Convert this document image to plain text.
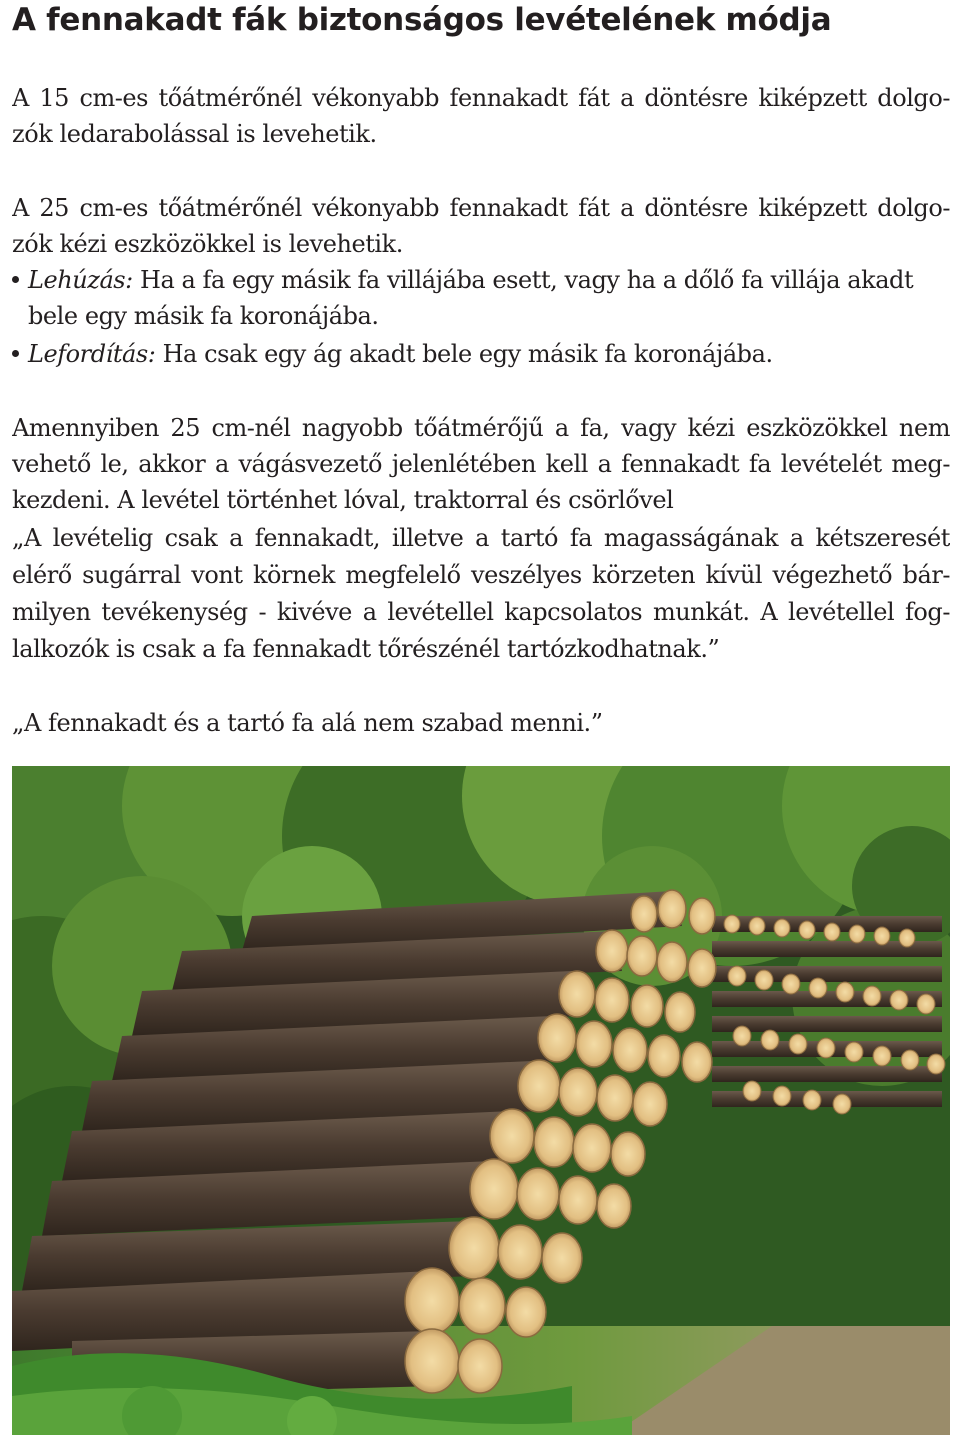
A fennakadt fák biztonságos levételének módja
A 15 cm-es tőátmérőnél vékonyabb fennakadt fát a döntésre kiképzett dolgo-
zók ledarabolással is levehetik.
A 25 cm-es tőátmérőnél vékonyabb fennakadt fát a döntésre kiképzett dolgo-
zók kézi eszközökkel is levehetik.
Lehúzás: Ha a fa egy másik fa villájába esett, vagy ha a dőlő fa villája akadt
bele egy másik fa koronájába.
Lefordítás: Ha csak egy ág akadt bele egy másik fa koronájába.
Amennyiben 25 cm-nél nagyobb tőátmérőjű a fa, vagy kézi eszközökkel nem
vehető le, akkor a vágásvezető jelenlétében kell a fennakadt fa levételét meg-
kezdeni. A levétel történhet lóval, traktorral és csörlővel
„A levételig csak a fennakadt, illetve a tartó fa magasságának a kétszeresét
elérő sugárral vont körnek megfelelő veszélyes körzeten kívül végezhető bár-
milyen tevékenység - kivéve a levétellel kapcsolatos munkát. A levétellel fog-
lalkozók is csak a fa fennakadt tőrészénél tartózkodhatnak.”
„A fennakadt és a tartó fa alá nem szabad menni.”
